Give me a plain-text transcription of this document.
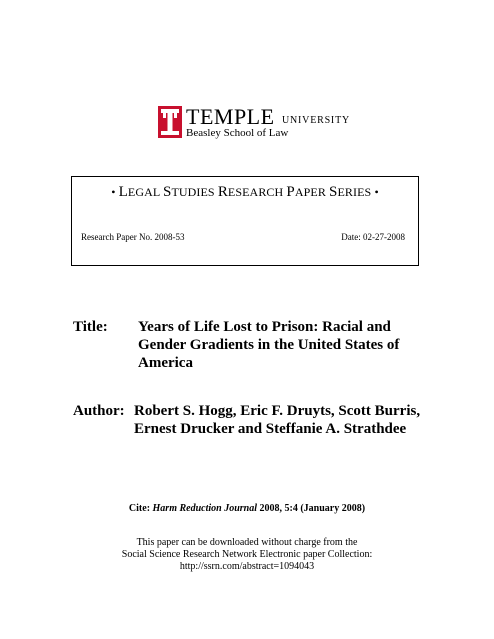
TEMPLE UNIVERSITY
Beasley School of Law
• LEGAL STUDIES RESEARCH PAPER SERIES •
Research Paper No. 2008-53	Date: 02-27-2008
Title: Years of Life Lost to Prison: Racial and Gender Gradients in the United States of America
Author: Robert S. Hogg, Eric F. Druyts, Scott Burris, Ernest Drucker and Steffanie A. Strathdee
Cite: Harm Reduction Journal 2008, 5:4 (January 2008)
This paper can be downloaded without charge from the
Social Science Research Network Electronic paper Collection:
http://ssrn.com/abstract=1094043
